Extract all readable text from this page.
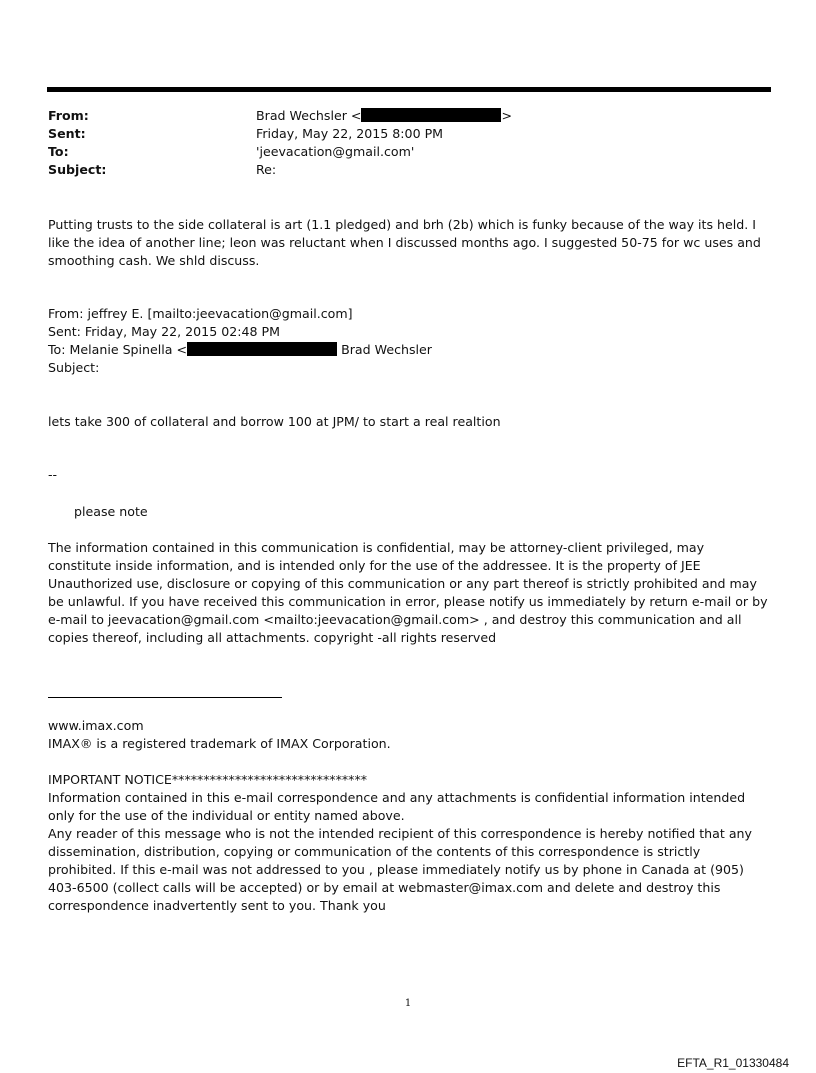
From:	Brad Wechsler <	>
Sent:	Friday, May 22, 2015 8:00 PM
To:	'jeevacation@gmail.com'
Subject:	Re:

Putting trusts to the side collateral is art (1.1 pledged) and brh (2b) which is funky because of the way its held. I like the idea of another line; leon was reluctant when I discussed months ago. I suggested 50-75 for wc uses and smoothing cash. We shld discuss.

From: jeffrey E. [mailto:jeevacation@gmail.com]

Sent: Friday, May 22, 2015 02:48 PM

To: Melanie Spinella <	Brad Wechsler

Subject:

lets take 300 of collateral and borrow 100 at JPM/ to start a real realtion

--

please note

The information contained in this communication is confidential, may be attorney-client privileged, may constitute inside information, and is intended only for the use of the addressee. It is the property of JEE Unauthorized use, disclosure or copying of this communication or any part thereof is strictly prohibited and may be unlawful. If you have received this communication in error, please notify us immediately by return e-mail or by e-mail to jeevacation@gmail.com <mailto:jeevacation@gmail.com> , and destroy this communication and all copies thereof, including all attachments. copyright -all rights reserved

www.imax.com

IMAX® is a registered trademark of IMAX Corporation.

IMPORTANT NOTICE*******************************

Information contained in this e-mail correspondence and any attachments is confidential information intended only for the use of the individual or entity named above.

Any reader of this message who is not the intended recipient of this correspondence is hereby notified that any dissemination, distribution, copying or communication of the contents of this correspondence is strictly prohibited. If this e-mail was not addressed to you , please immediately notify us by phone in Canada at (905) 403-6500 (collect calls will be accepted) or by email at webmaster@imax.com and delete and destroy this correspondence inadvertently sent to you. Thank you

1
EFTA_R1_01330484
